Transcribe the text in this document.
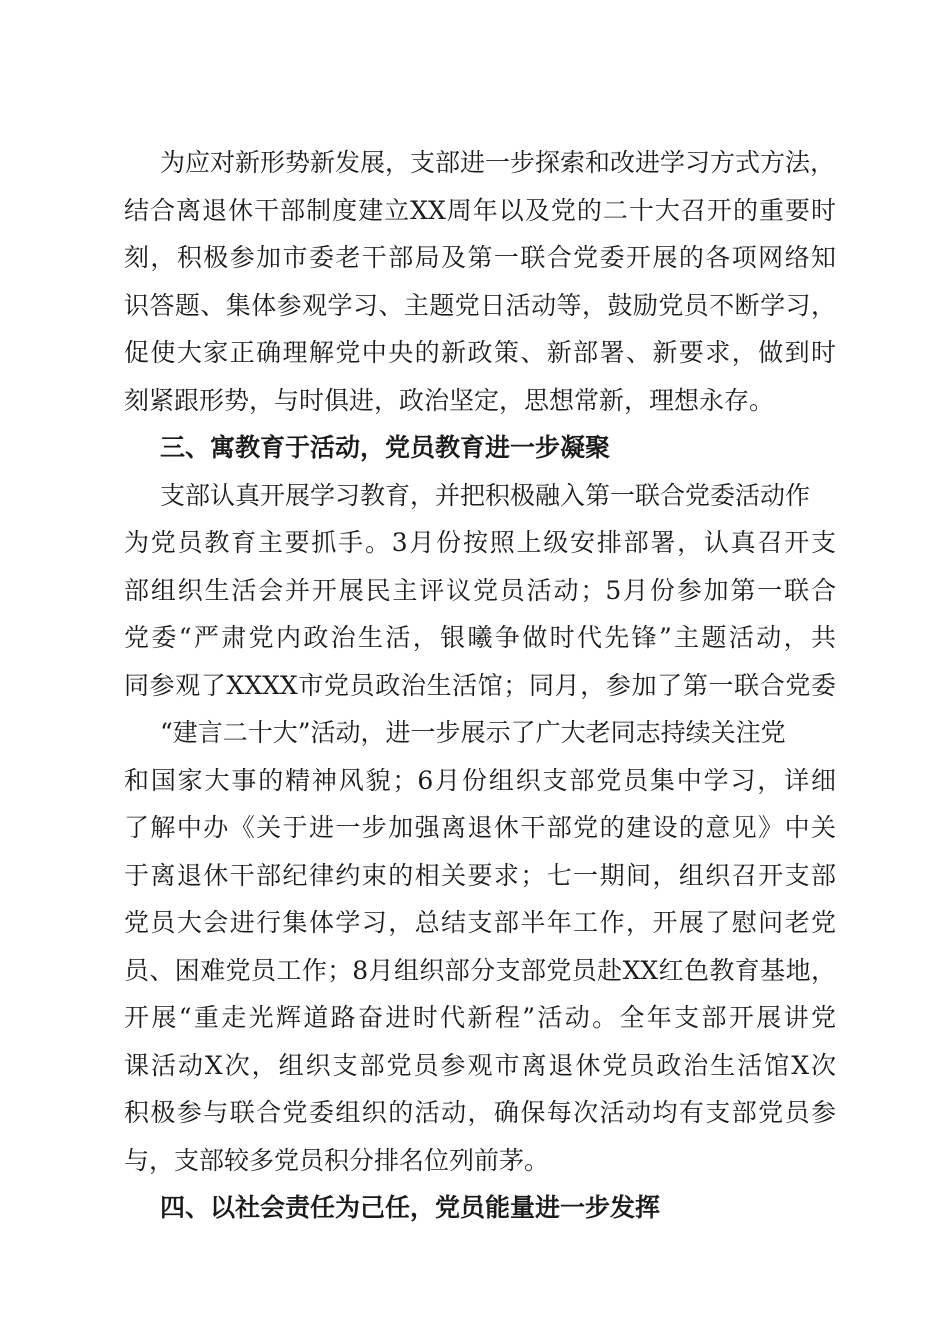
为应对新形势新发展，支部进一步探索和改进学习方式方法，
结合离退休干部制度建立XX周年以及党的二十大召开的重要时
刻，积极参加市委老干部局及第一联合党委开展的各项网络知
识答题、集体参观学习、主题党日活动等，鼓励党员不断学习，
促使大家正确理解党中央的新政策、新部署、新要求，做到时
刻紧跟形势，与时俱进，政治坚定，思想常新，理想永存。
三、寓教育于活动，党员教育进一步凝聚
支部认真开展学习教育，并把积极融入第一联合党委活动作
为党员教育主要抓手。3月份按照上级安排部署，认真召开支
部组织生活会并开展民主评议党员活动；5月份参加第一联合
党委“严肃党内政治生活，银曦争做时代先锋”主题活动，共
同参观了XXXX市党员政治生活馆；同月，参加了第一联合党委
“建言二十大”活动，进一步展示了广大老同志持续关注党
和国家大事的精神风貌；6月份组织支部党员集中学习，详细
了解中办《关于进一步加强离退休干部党的建设的意见》中关
于离退休干部纪律约束的相关要求；七一期间，组织召开支部
党员大会进行集体学习，总结支部半年工作，开展了慰问老党
员、困难党员工作；8月组织部分支部党员赴XX红色教育基地，
开展“重走光辉道路奋进时代新程”活动。全年支部开展讲党
课活动X次，组织支部党员参观市离退休党员政治生活馆X次
积极参与联合党委组织的活动，确保每次活动均有支部党员参
与，支部较多党员积分排名位列前茅。
四、以社会责任为己任，党员能量进一步发挥
